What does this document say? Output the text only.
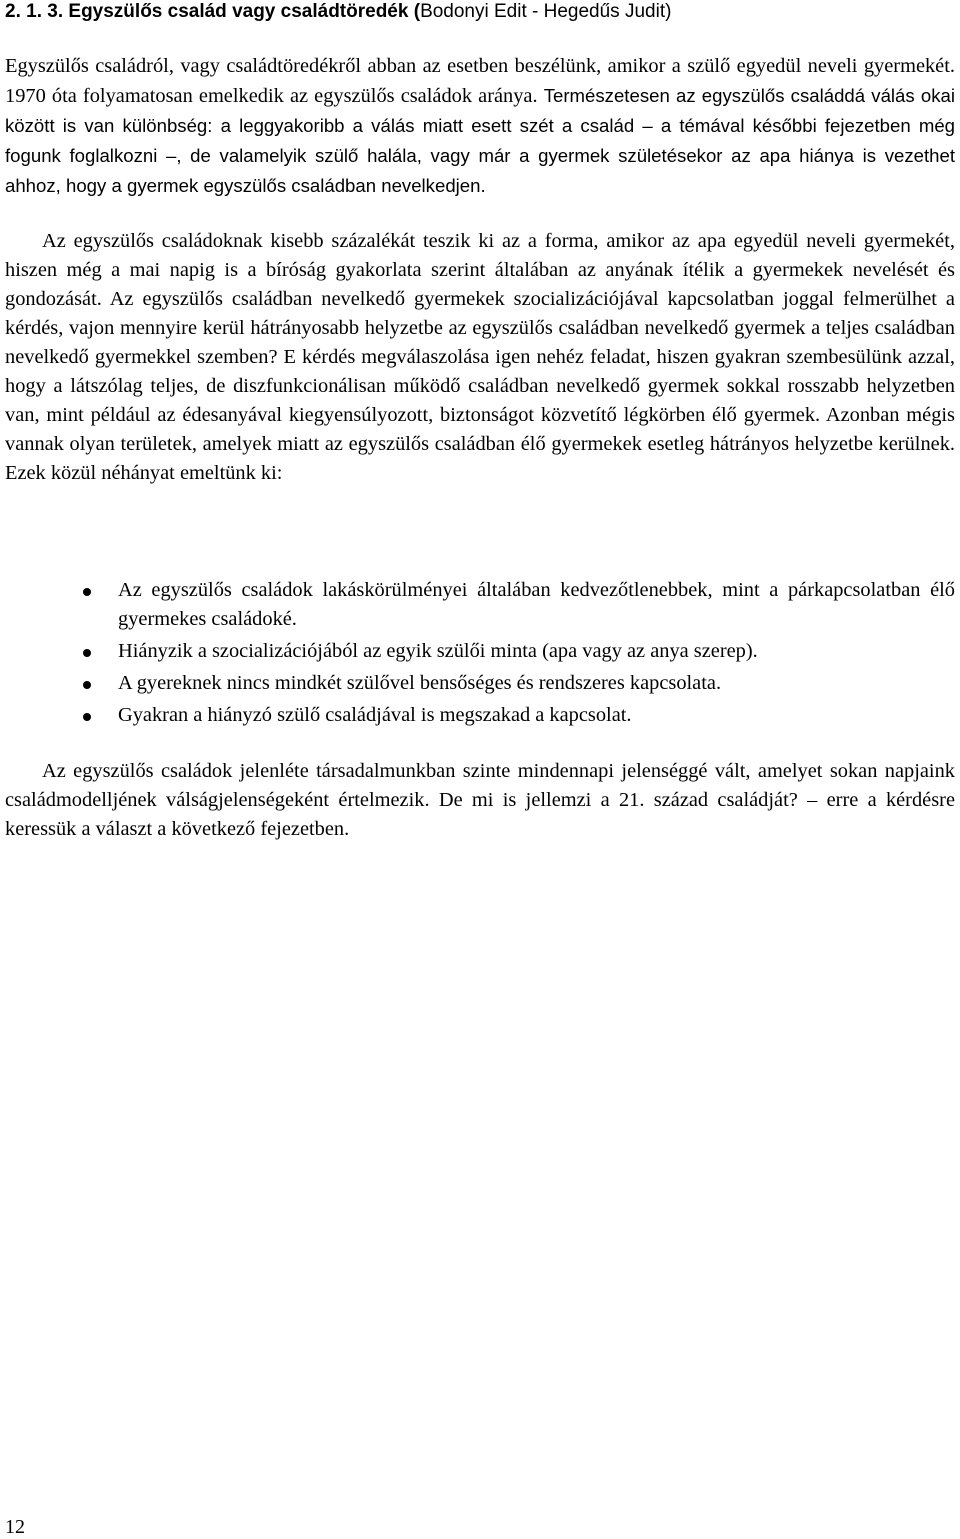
2. 1. 3. Egyszülős család vagy családtöredék (Bodonyi Edit - Hegedűs Judit)

Egyszülős családról, vagy családtöredékről abban az esetben beszélünk, amikor a szülő egyedül neveli gyermekét. 1970 óta folyamatosan emelkedik az egyszülős családok aránya. Természetesen az egyszülős családdá válás okai között is van különbség: a leggyakoribb a válás miatt esett szét a család – a témával későbbi fejezetben még fogunk foglalkozni –, de valamelyik szülő halála, vagy már a gyermek születésekor az apa hiánya is vezethet ahhoz, hogy a gyermek egyszülős családban nevelkedjen.

Az egyszülős családoknak kisebb százalékát teszik ki az a forma, amikor az apa egyedül neveli gyermekét, hiszen még a mai napig is a bíróság gyakorlata szerint általában az anyának ítélik a gyermekek nevelését és gondozását. Az egyszülős családban nevelkedő gyermekek szocializációjával kapcsolatban joggal felmerülhet a kérdés, vajon mennyire kerül hátrányosabb helyzetbe az egyszülős családban nevelkedő gyermek a teljes családban nevelkedő gyermekkel szemben? E kérdés megválaszolása igen nehéz feladat, hiszen gyakran szembesülünk azzal, hogy a látszólag teljes, de diszfunkcionálisan működő családban nevelkedő gyermek sokkal rosszabb helyzetben van, mint például az édesanyával kiegyensúlyozott, biztonságot közvetítő légkörben élő gyermek. Azonban mégis vannak olyan területek, amelyek miatt az egyszülős családban élő gyermekek esetleg hátrányos helyzetbe kerülnek. Ezek közül néhányat emeltünk ki:

Az egyszülős családok lakáskörülményei általában kedvezőtlenebbek, mint a párkapcsolatban élő gyermekes családoké.
Hiányzik a szocializációjából az egyik szülői minta (apa vagy az anya szerep).
A gyereknek nincs mindkét szülővel bensőséges és rendszeres kapcsolata.
Gyakran a hiányzó szülő családjával is megszakad a kapcsolat.

Az egyszülős családok jelenléte társadalmunkban szinte mindennapi jelenséggé vált, amelyet sokan napjaink családmodelljének válságjelenségeként értelmezik. De mi is jellemzi a 21. század családját? – erre a kérdésre keressük a választ a következő fejezetben.

12
